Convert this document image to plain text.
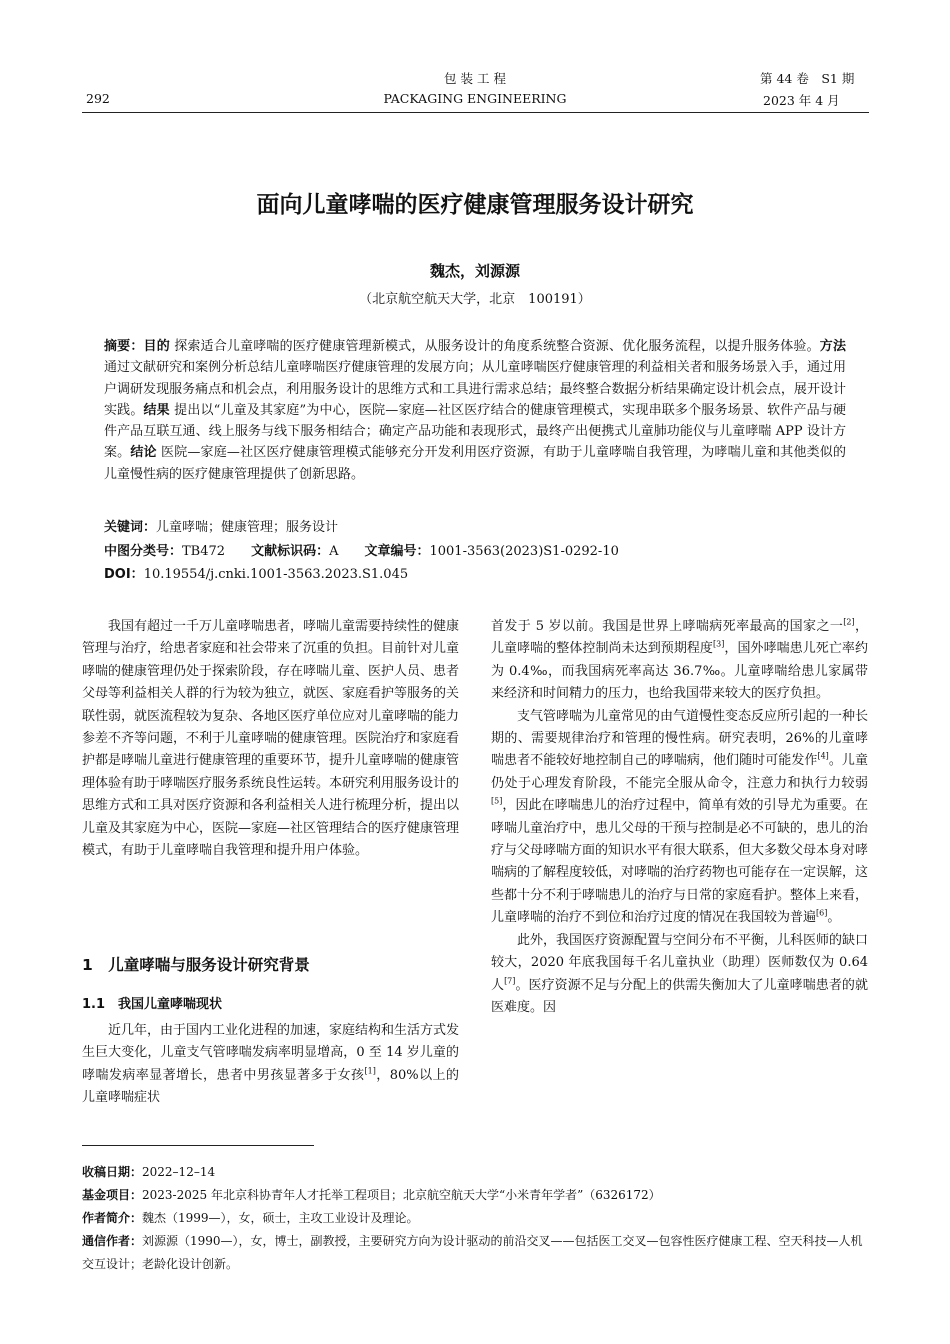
包 装 工 程	第 44 卷　S1 期
292	PACKAGING ENGINEERING	2023 年 4 月
面向儿童哮喘的医疗健康管理服务设计研究
魏杰，刘源源
（北京航空航天大学，北京　100191）
摘要：目的 探索适合儿童哮喘的医疗健康管理新模式，从服务设计的角度系统整合资源、优化服务流程，以提升服务体验。方法 通过文献研究和案例分析总结儿童哮喘医疗健康管理的发展方向；从儿童哮喘医疗健康管理的利益相关者和服务场景入手，通过用户调研发现服务痛点和机会点，利用服务设计的思维方式和工具进行需求总结；最终整合数据分析结果确定设计机会点，展开设计实践。结果 提出以“儿童及其家庭”为中心，医院—家庭—社区医疗结合的健康管理模式，实现串联多个服务场景、软件产品与硬件产品互联互通、线上服务与线下服务相结合；确定产品功能和表现形式，最终产出便携式儿童肺功能仪与儿童哮喘 APP 设计方案。结论 医院—家庭—社区医疗健康管理模式能够充分开发利用医疗资源，有助于儿童哮喘自我管理，为哮喘儿童和其他类似的儿童慢性病的医疗健康管理提供了创新思路。
关键词：儿童哮喘；健康管理；服务设计
中图分类号：TB472 文献标识码：A 文章编号：1001-3563(2023)S1-0292-10
DOI：10.19554/j.cnki.1001-3563.2023.S1.045

我国有超过一千万儿童哮喘患者，哮喘儿童需要持续性的健康管理与治疗，给患者家庭和社会带来了沉重的负担。目前针对儿童哮喘的健康管理仍处于探索阶段，存在哮喘儿童、医护人员、患者父母等利益相关人群的行为较为独立，就医、家庭看护等服务的关联性弱，就医流程较为复杂、各地区医疗单位应对儿童哮喘的能力参差不齐等问题，不利于儿童哮喘的健康管理。医院治疗和家庭看护都是哮喘儿童进行健康管理的重要环节，提升儿童哮喘的健康管理体验有助于哮喘医疗服务系统良性运转。本研究利用服务设计的思维方式和工具对医疗资源和各利益相关人进行梳理分析，提出以儿童及其家庭为中心，医院—家庭—社区管理结合的医疗健康管理模式，有助于儿童哮喘自我管理和提升用户体验。

1　儿童哮喘与服务设计研究背景
1.1　我国儿童哮喘现状

近几年，由于国内工业化进程的加速，家庭结构和生活方式发生巨大变化，儿童支气管哮喘发病率明显增高，0 至 14 岁儿童的哮喘发病率显著增长，患者中男孩显著多于女孩[1]，80%以上的儿童哮喘症状

首发于 5 岁以前。我国是世界上哮喘病死率最高的国家之一[2]，儿童哮喘的整体控制尚未达到预期程度[3]，国外哮喘患儿死亡率约为 0.4‰，而我国病死率高达 36.7‰。儿童哮喘给患儿家属带来经济和时间精力的压力，也给我国带来较大的医疗负担。

支气管哮喘为儿童常见的由气道慢性变态反应所引起的一种长期的、需要规律治疗和管理的慢性病。研究表明，26%的儿童哮喘患者不能较好地控制自己的哮喘病，他们随时可能发作[4]。儿童仍处于心理发育阶段，不能完全服从命令，注意力和执行力较弱[5]，因此在哮喘患儿的治疗过程中，简单有效的引导尤为重要。在哮喘儿童治疗中，患儿父母的干预与控制是必不可缺的，患儿的治疗与父母哮喘方面的知识水平有很大联系，但大多数父母本身对哮喘病的了解程度较低，对哮喘的治疗药物也可能存在一定误解，这些都十分不利于哮喘患儿的治疗与日常的家庭看护。整体上来看，儿童哮喘的治疗不到位和治疗过度的情况在我国较为普遍[6]。

此外，我国医疗资源配置与空间分布不平衡，儿科医师的缺口较大，2020 年底我国每千名儿童执业（助理）医师数仅为 0.64 人[7]。医疗资源不足与分配上的供需失衡加大了儿童哮喘患者的就医难度。因

收稿日期：2022–12–14
基金项目：2023-2025 年北京科协青年人才托举工程项目；北京航空航天大学“小米青年学者”（6326172）
作者简介：魏杰（1999—），女，硕士，主攻工业设计及理论。
通信作者：刘源源（1990—），女，博士，副教授，主要研究方向为设计驱动的前沿交叉——包括医工交叉—包容性医疗健康工程、空天科技—人机交互设计；老龄化设计创新。
